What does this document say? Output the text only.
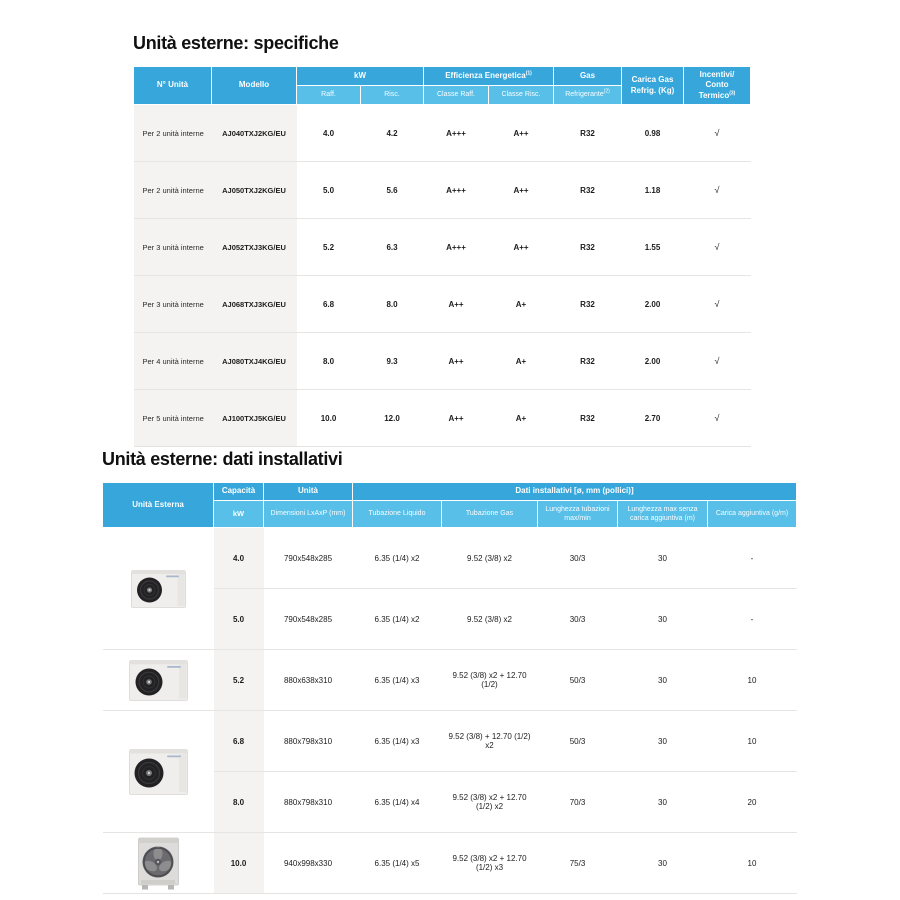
Unità esterne: specifiche
N° Unità	Modello	kW		Efficienza Energetica$^{(1)}$		Gas	Carica Gas Refrig. (Kg)	Incentivi/
Conto Termico$^{(3)}$
		Raff.	Risc.	Classe Raff.	Classe Risc.	Refrigerante$^{(2)}$
Per 2 unità interne	AJ040TXJ2KG/EU	4.0	4.2	A+++	A++	R32	0.98	√
Per 2 unità interne	AJ050TXJ2KG/EU	5.0	5.6	A+++	A++	R32	1.18	√
Per 3 unità interne	AJ052TXJ3KG/EU	5.2	6.3	A+++	A++	R32	1.55	√
Per 3 unità interne	AJ068TXJ3KG/EU	6.8	8.0	A++	A+	R32	2.00	√
Per 4 unità interne	AJ080TXJ4KG/EU	8.0	9.3	A++	A+	R32	2.00	√
Per 5 unità interne	AJ100TXJ5KG/EU	10.0	12.0	A++	A+	R32	2.70	√
Unità esterne: dati installativi
Unità Esterna	Capacità	Unità	Dati installativi [ø, mm (pollici)]				
	kW	Dimensioni LxAxP (mm)	Tubazione Liquido	Tubazione Gas	Lunghezza tubazioni max/min	Lunghezza max senza carica aggiuntiva (m)	Carica aggiuntiva (g/m)

	4.0	790x548x285	6.35 (1/4) x2	9.52 (3/8) x2	30/3	30	-
	5.0	790x548x285	6.35 (1/4) x2	9.52 (3/8) x2	30/3	30	-

	5.2	880x638x310	6.35 (1/4) x3	9.52 (3/8) x2 + 12.70 (1/2)	50/3	30	10

	6.8	880x798x310	6.35 (1/4) x3	9.52 (3/8) + 12.70 (1/2) x2	50/3	30	10
	8.0	880x798x310	6.35 (1/4) x4	9.52 (3/8) x2 + 12.70 (1/2) x2	70/3	30	20

	10.0	940x998x330	6.35 (1/4) x5	9.52 (3/8) x2 + 12.70 (1/2) x3	75/3	30	10
